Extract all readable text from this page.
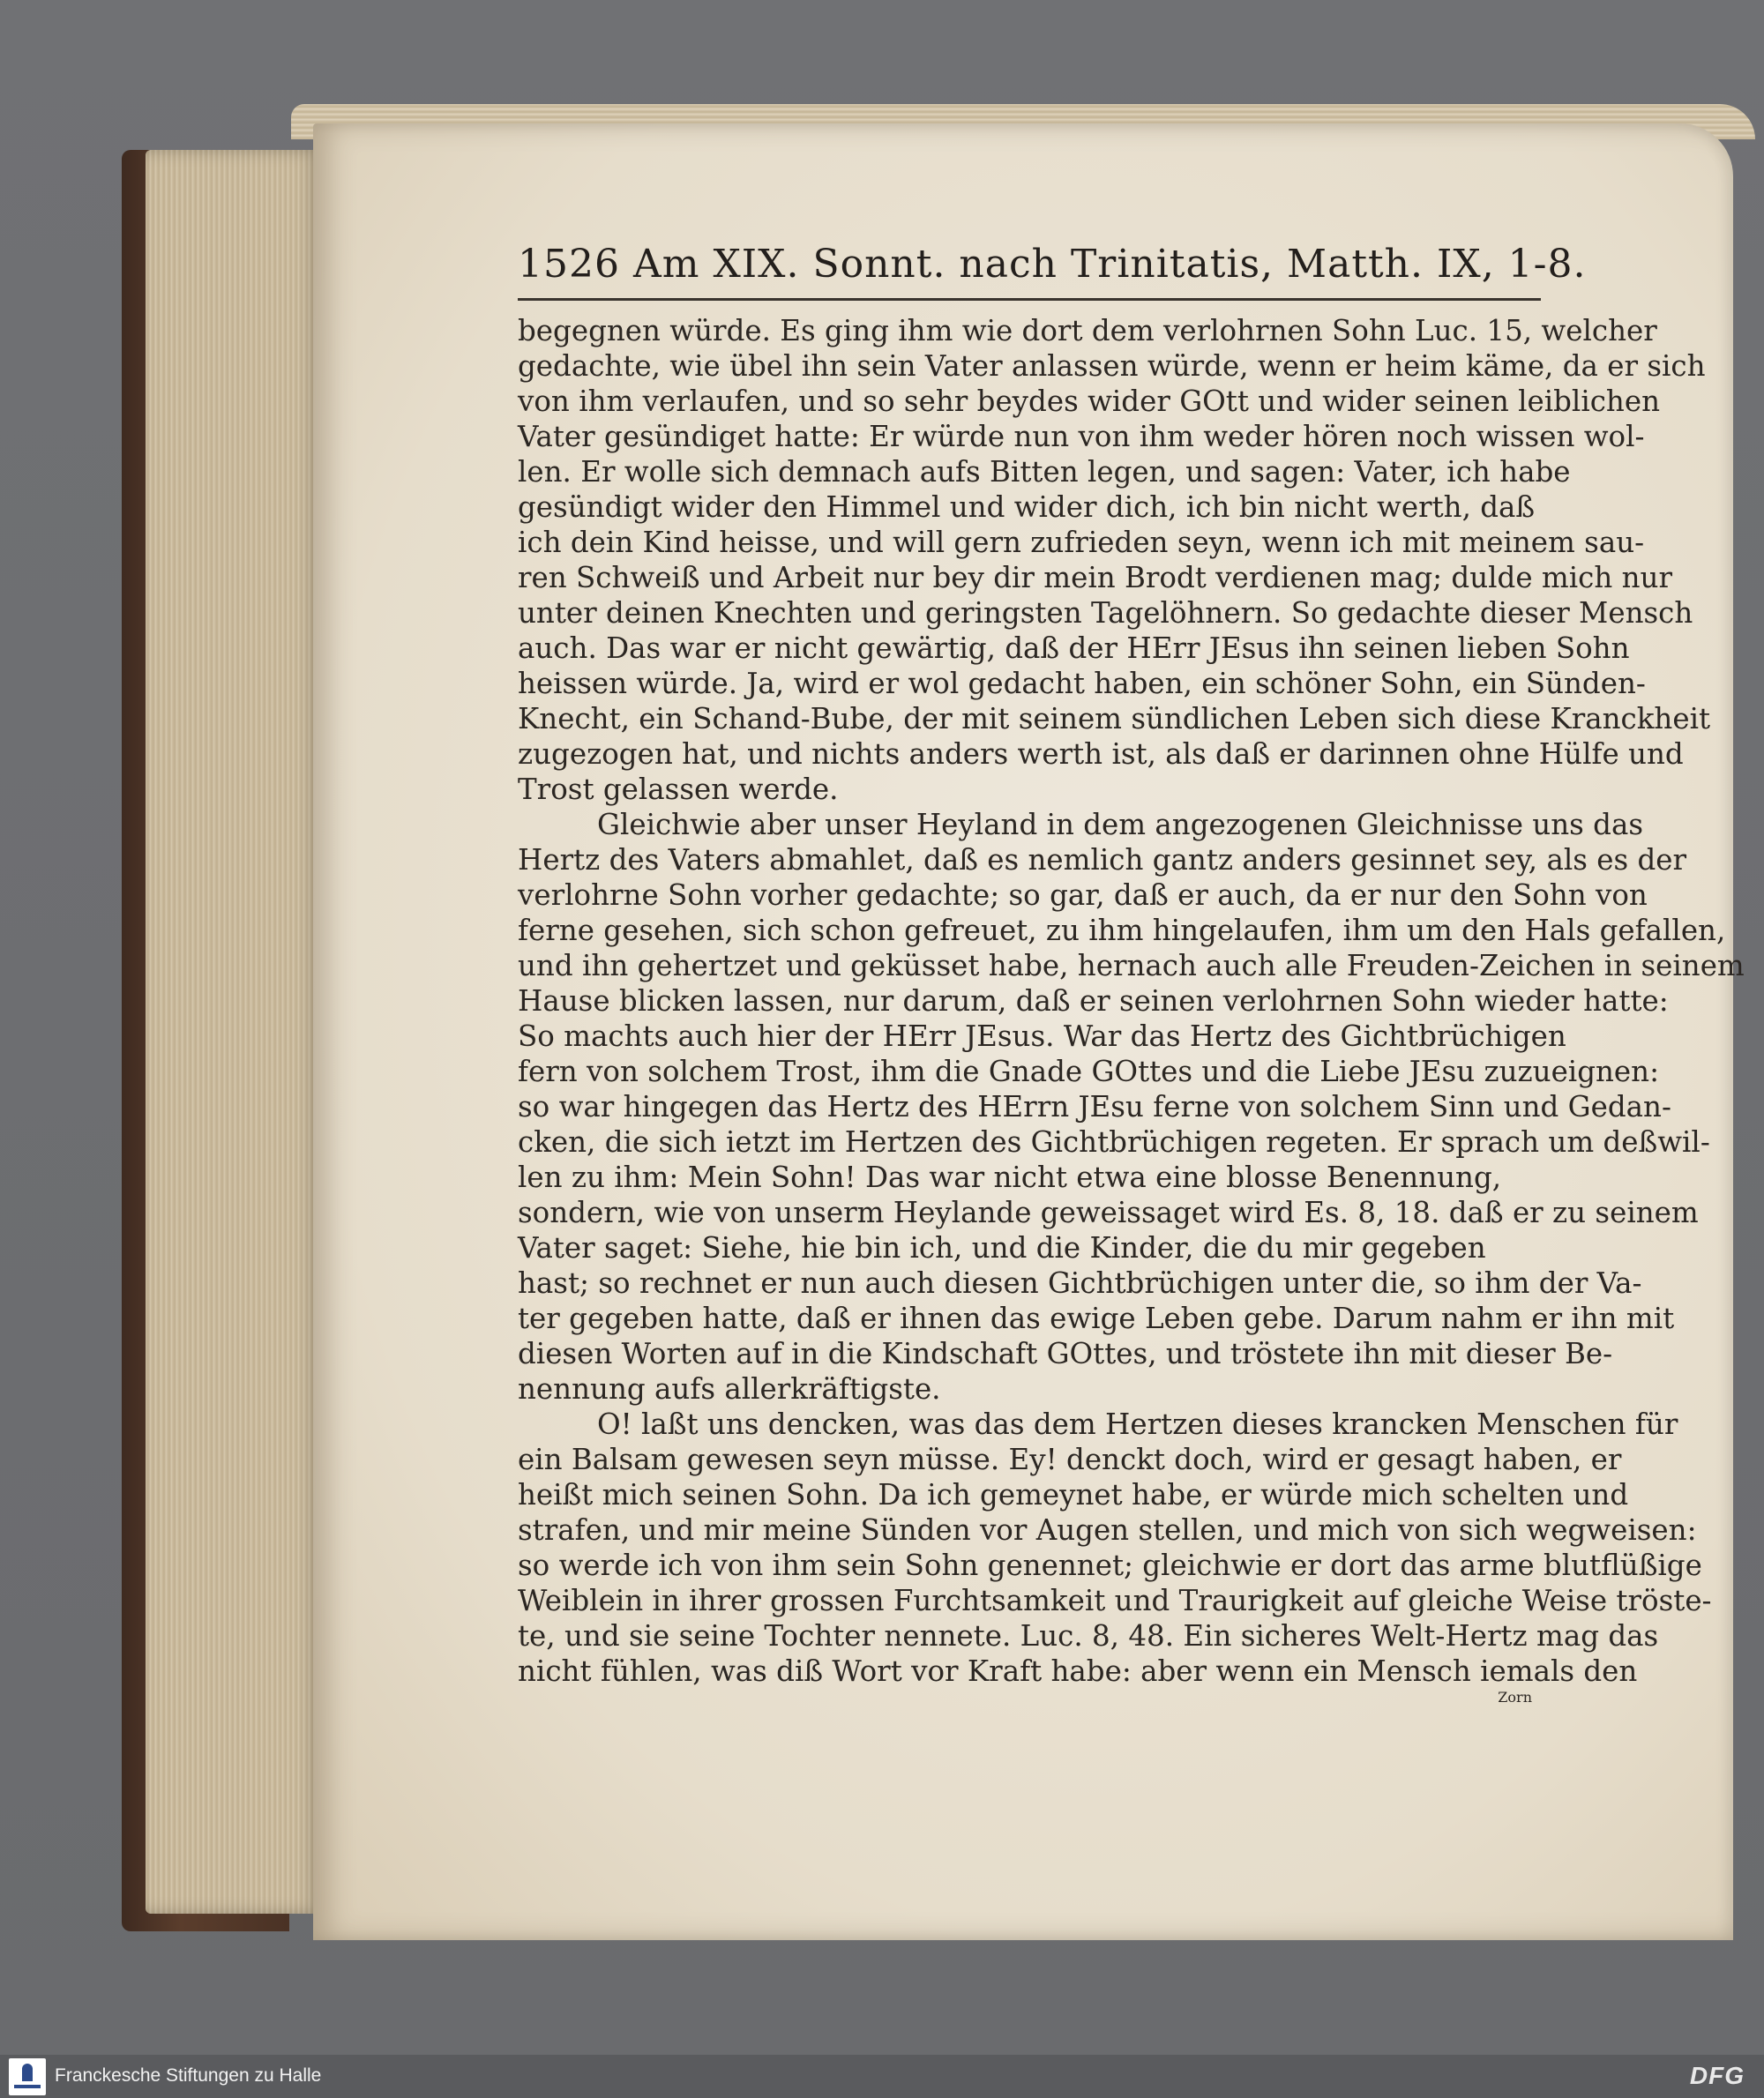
1526 Am XIX. Sonnt. nach Trinitatis, Matth. IX, 1-8.
begegnen würde. Es ging ihm wie dort dem verlohrnen Sohn Luc. 15, welcher
gedachte, wie übel ihn sein Vater anlassen würde, wenn er heim käme, da er sich
von ihm verlaufen, und so sehr beydes wider GOtt und wider seinen leiblichen
Vater gesündiget hatte: Er würde nun von ihm weder hören noch wissen wol-
len. Er wolle sich demnach aufs Bitten legen, und sagen: Vater, ich habe
gesündigt wider den Himmel und wider dich, ich bin nicht werth, daß
ich dein Kind heisse, und will gern zufrieden seyn, wenn ich mit meinem sau-
ren Schweiß und Arbeit nur bey dir mein Brodt verdienen mag; dulde mich nur
unter deinen Knechten und geringsten Tagelöhnern. So gedachte dieser Mensch
auch. Das war er nicht gewärtig, daß der HErr JEsus ihn seinen lieben Sohn
heissen würde. Ja, wird er wol gedacht haben, ein schöner Sohn, ein Sünden-
Knecht, ein Schand-Bube, der mit seinem sündlichen Leben sich diese Kranckheit
zugezogen hat, und nichts anders werth ist, als daß er darinnen ohne Hülfe und
Trost gelassen werde.
Gleichwie aber unser Heyland in dem angezogenen Gleichnisse uns das
Hertz des Vaters abmahlet, daß es nemlich gantz anders gesinnet sey, als es der
verlohrne Sohn vorher gedachte; so gar, daß er auch, da er nur den Sohn von
ferne gesehen, sich schon gefreuet, zu ihm hingelaufen, ihm um den Hals gefallen,
und ihn gehertzet und geküsset habe, hernach auch alle Freuden-Zeichen in seinem
Hause blicken lassen, nur darum, daß er seinen verlohrnen Sohn wieder hatte:
So machts auch hier der HErr JEsus. War das Hertz des Gichtbrüchigen
fern von solchem Trost, ihm die Gnade GOttes und die Liebe JEsu zuzueignen:
so war hingegen das Hertz des HErrn JEsu ferne von solchem Sinn und Gedan-
cken, die sich ietzt im Hertzen des Gichtbrüchigen regeten. Er sprach um deßwil-
len zu ihm: Mein Sohn! Das war nicht etwa eine blosse Benennung,
sondern, wie von unserm Heylande geweissaget wird Es. 8, 18. daß er zu seinem
Vater saget: Siehe, hie bin ich, und die Kinder, die du mir gegeben
hast; so rechnet er nun auch diesen Gichtbrüchigen unter die, so ihm der Va-
ter gegeben hatte, daß er ihnen das ewige Leben gebe. Darum nahm er ihn mit
diesen Worten auf in die Kindschaft GOttes, und tröstete ihn mit dieser Be-
nennung aufs allerkräftigste.
O! laßt uns dencken, was das dem Hertzen dieses krancken Menschen für
ein Balsam gewesen seyn müsse. Ey! denckt doch, wird er gesagt haben, er
heißt mich seinen Sohn. Da ich gemeynet habe, er würde mich schelten und
strafen, und mir meine Sünden vor Augen stellen, und mich von sich wegweisen:
so werde ich von ihm sein Sohn genennet; gleichwie er dort das arme blutflüßige
Weiblein in ihrer grossen Furchtsamkeit und Traurigkeit auf gleiche Weise tröste-
te, und sie seine Tochter nennete. Luc. 8, 48. Ein sicheres Welt-Hertz mag das
nicht fühlen, was diß Wort vor Kraft habe: aber wenn ein Mensch iemals den
Zorn
Franckesche Stiftungen zu Halle	DFG
